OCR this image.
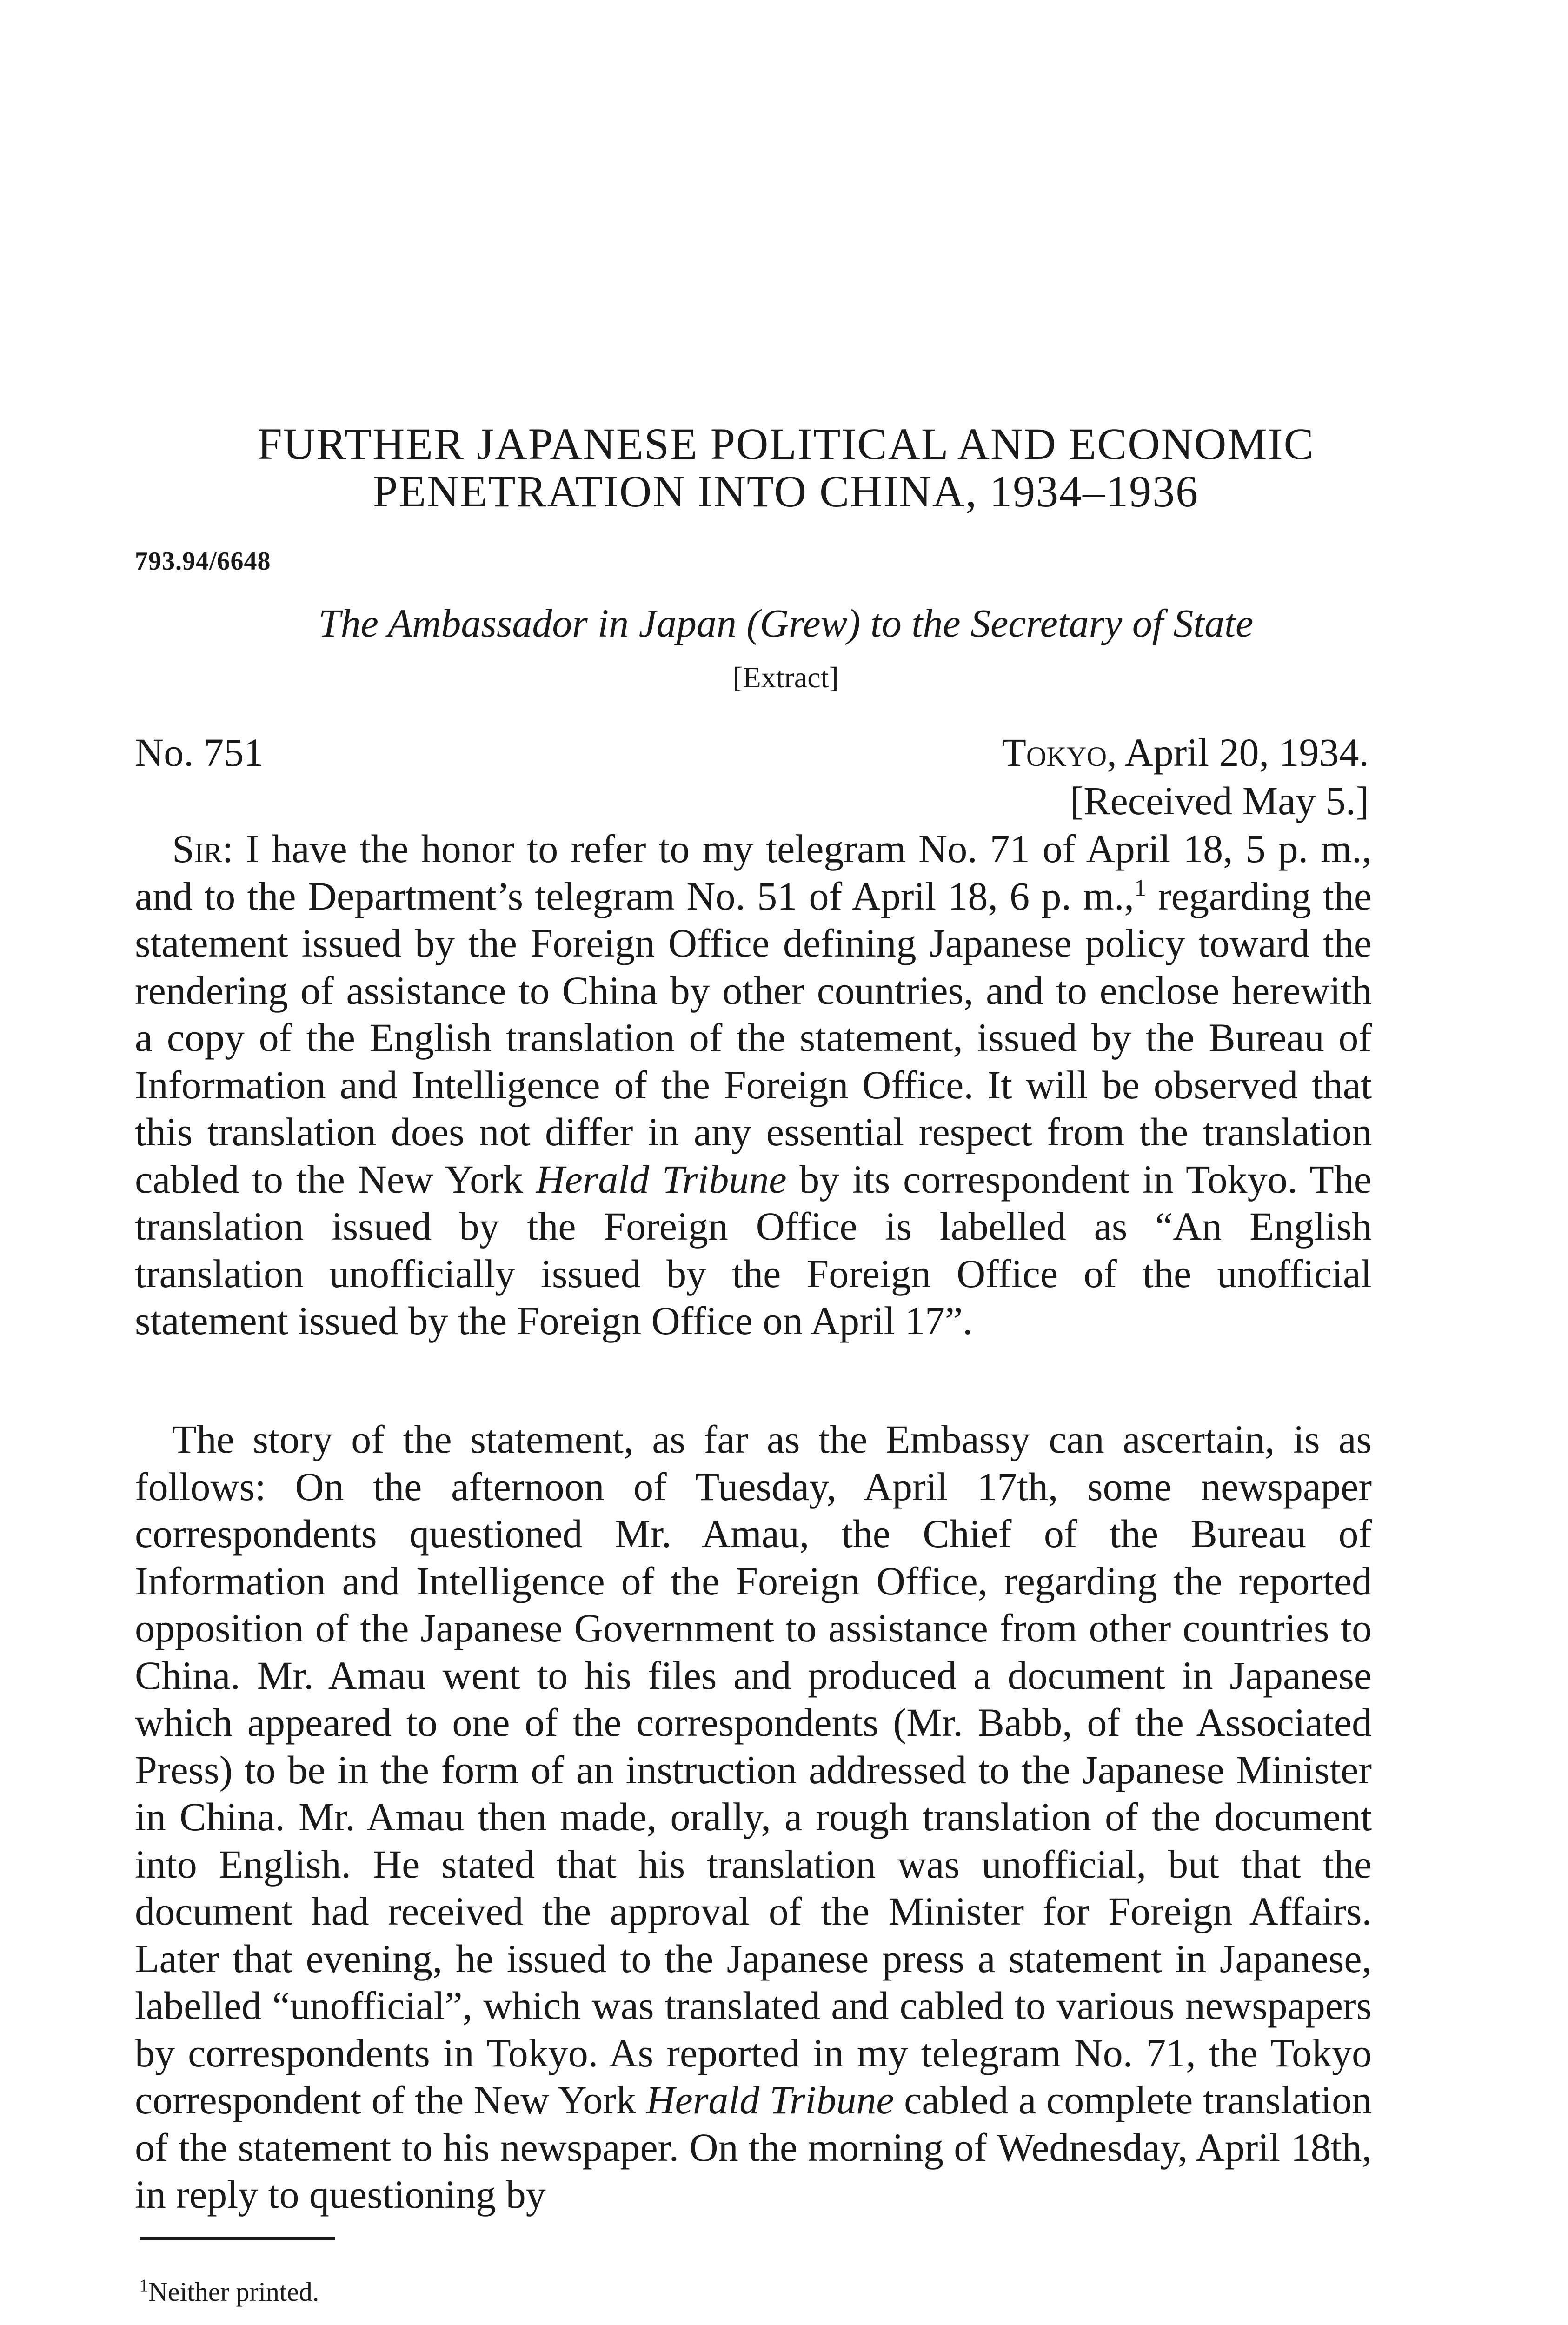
FURTHER JAPANESE POLITICAL AND ECONOMIC
PENETRATION INTO CHINA, 1934–1936
793.94/6648
The Ambassador in Japan (Grew) to the Secretary of State
[Extract]
No. 751	Tokyo, April 20, 1934.
[Received May 5.]

Sir: I have the honor to refer to my telegram No. 71 of April 18, 5 p. m., and to the Department’s telegram No. 51 of April 18, 6 p. m.,$^1$ regarding the statement issued by the Foreign Office defining Japanese policy toward the rendering of assistance to China by other countries, and to enclose herewith a copy of the English translation of the statement, issued by the Bureau of Information and Intelligence of the Foreign Office. It will be observed that this translation does not differ in any essential respect from the translation cabled to the New York Herald Tribune by its correspondent in Tokyo. The translation issued by the Foreign Office is labelled as “An English translation unofficially issued by the Foreign Office of the unofficial statement issued by the Foreign Office on April 17”.

The story of the statement, as far as the Embassy can ascertain, is as follows: On the afternoon of Tuesday, April 17th, some newspaper correspondents questioned Mr. Amau, the Chief of the Bureau of Information and Intelligence of the Foreign Office, regarding the reported opposition of the Japanese Government to assistance from other countries to China. Mr. Amau went to his files and produced a document in Japanese which appeared to one of the correspondents (Mr. Babb, of the Associated Press) to be in the form of an instruction addressed to the Japanese Minister in China. Mr. Amau then made, orally, a rough translation of the document into English. He stated that his translation was unofficial, but that the document had received the approval of the Minister for Foreign Affairs. Later that evening, he issued to the Japanese press a statement in Japanese, labelled “unofficial”, which was translated and cabled to various newspapers by correspondents in Tokyo. As reported in my telegram No. 71, the Tokyo correspondent of the New York Herald Tribune cabled a complete translation of the statement to his newspaper. On the morning of Wednesday, April 18th, in reply to questioning by

$^1$Neither printed.
